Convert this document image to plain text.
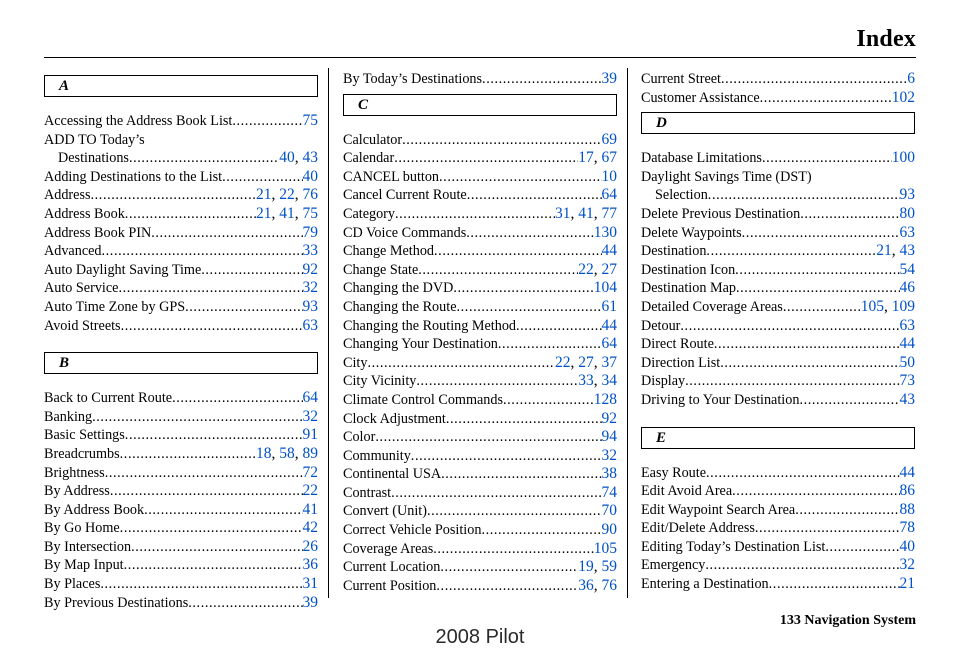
Index
A
Accessing the Address Book List .....	75
ADD TO Today’s
Destinations .....	40, 43
Adding Destinations to the List .....	40
Address .....	21, 22, 76
Address Book .....	21, 41, 75
Address Book PIN .....	79
Advanced .....	33
Auto Daylight Saving Time .....	92
Auto Service .....	32
Auto Time Zone by GPS .....	93
Avoid Streets .....	63
B
Back to Current Route .....	64
Banking .....	32
Basic Settings .....	91
Breadcrumbs .....	18, 58, 89
Brightness .....	72
By Address .....	22
By Address Book .....	41
By Go Home .....	42
By Intersection .....	26
By Map Input .....	36
By Places .....	31
By Previous Destinations .....	39
By Today’s Destinations .....	39
C
Calculator .....	69
Calendar .....	17, 67
CANCEL button .....	10
Cancel Current Route .....	64
Category .....	31, 41, 77
CD Voice Commands .....	130
Change Method .....	44
Change State .....	22, 27
Changing the DVD .....	104
Changing the Route .....	61
Changing the Routing Method .....	44
Changing Your Destination .....	64
City .....	22, 27, 37
City Vicinity .....	33, 34
Climate Control Commands .....	128
Clock Adjustment .....	92
Color .....	94
Community .....	32
Continental USA .....	38
Contrast .....	74
Convert (Unit) .....	70
Correct Vehicle Position .....	90
Coverage Areas .....	105
Current Location .....	19, 59
Current Position .....	36, 76
Current Street .....	6
Customer Assistance .....	102
D
Database Limitations .....	100
Daylight Savings Time (DST)
Selection .....	93
Delete Previous Destination .....	80
Delete Waypoints .....	63
Destination .....	21, 43
Destination Icon .....	54
Destination Map .....	46
Detailed Coverage Areas .....	105, 109
Detour .....	63
Direct Route .....	44
Direction List .....	50
Display .....	73
Driving to Your Destination .....	43
E
Easy Route .....	44
Edit Avoid Area .....	86
Edit Waypoint Search Area .....	88
Edit/Delete Address .....	78
Editing Today’s Destination List .....	40
Emergency .....	32
Entering a Destination .....	21
133 Navigation System
2008 Pilot
